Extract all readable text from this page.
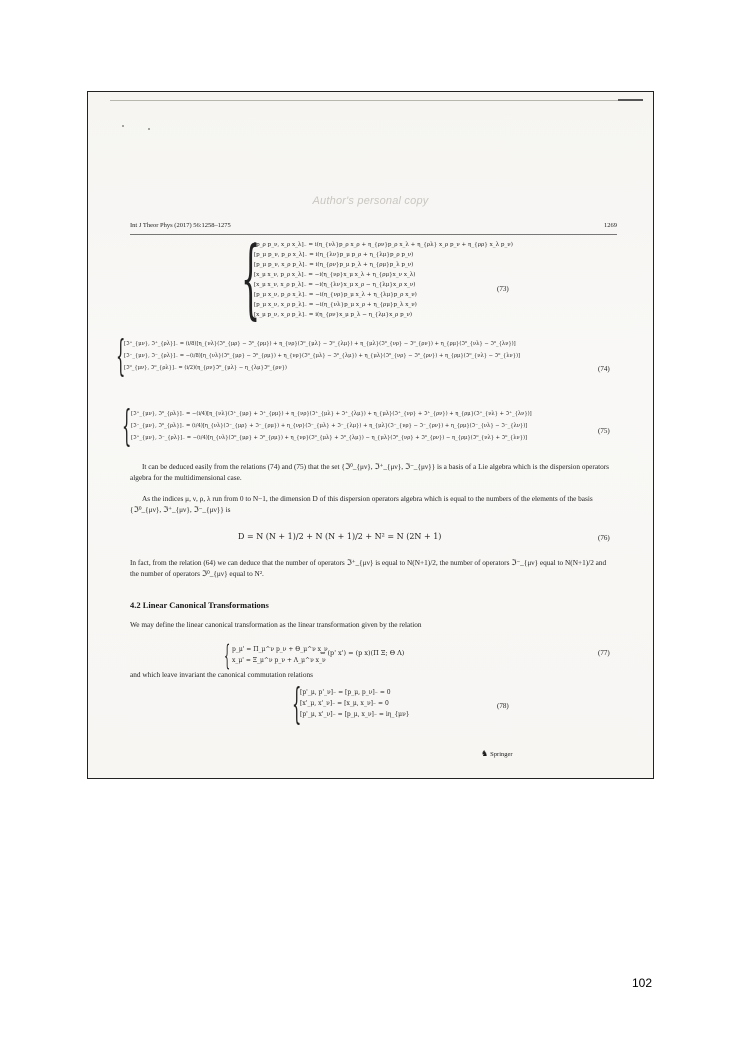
Author's personal copy
Int J Theor Phys (2017) 56:1258–1275	1269
{
[p_ρ p_ν, x_ρ x_λ]₋ = i(η_{νλ}p_ρ x_ρ + η_{ρν}p_ρ x_λ + η_{ρλ} x_ρ p_ν + η_{ρρ} x_λ p_ν)
[p_μ p_ν, p_ρ x_λ]₋ = i(η_{λν}p_μ p_ρ + η_{λμ}p_ρ p_ν)
[p_μ p_ν, x_ρ p_λ]₋ = i(η_{ρν}p_μ p_λ + η_{ρμ}p_λ p_ν)
[x_μ x_ν, p_ρ x_λ]₋ = −i(η_{νρ}x_μ x_λ + η_{ρμ}x_ν x_λ)
[x_μ x_ν, x_ρ p_λ]₋ = −i(η_{λν}x_μ x_ρ − η_{λμ}x_ρ x_ν)
[p_μ x_ν, p_ρ x_λ]₋ = −i(η_{νρ}p_μ x_λ + η_{λμ}p_ρ x_ν)
[p_μ x_ν, x_ρ p_λ]₋ = −i(η_{νλ}p_μ x_ρ + η_{ρμ}p_λ x_ν)
[x_μ p_ν, x_ρ p_λ]₋ = i(η_{ρν}x_μ p_λ − η_{λμ}x_ρ p_ν)
(73)
{
[ℑ⁺_{μν}, ℑ⁺_{ρλ}]₋ = (i/8)[η_{νλ}(ℑ⁰_{μρ} − ℑ⁰_{ρμ}) + η_{νρ}(ℑ⁰_{μλ} − ℑ⁰_{λμ}) + η_{μλ}(ℑ⁰_{νρ} − ℑ⁰_{ρν}) + η_{ρμ}(ℑ⁰_{νλ} − ℑ⁰_{λν})]
[ℑ⁻_{μν}, ℑ⁻_{ρλ}]₋ = −(i/8)[η_{νλ}(ℑ⁰_{μρ} − ℑ⁰_{ρμ}) + η_{νρ}(ℑ⁰_{μλ} − ℑ⁰_{λμ}) + η_{μλ}(ℑ⁰_{νρ} − ℑ⁰_{ρν}) + η_{ρμ}(ℑ⁰_{νλ} − ℑ⁰_{λν})]
[ℑ⁰_{μν}, ℑ⁰_{ρλ}]₋ = (i/2)(η_{ρν}ℑ⁰_{μλ} − η_{λμ}ℑ⁰_{ρν})	(74)
{ [ℑ⁺_{μν}, ℑ⁰_{ρλ}]₋ = −(i/4)[η_{νλ}(ℑ⁺_{μρ} + ℑ⁺_{ρμ}) + η_{νρ}(ℑ⁺_{μλ} + ℑ⁺_{λμ}) + η_{μλ}(ℑ⁺_{νρ} + ℑ⁺_{ρν}) + η_{ρμ}(ℑ⁺_{νλ} + ℑ⁺_{λν})]
[ℑ⁻_{μν}, ℑ⁰_{ρλ}]₋ = (i/4)[η_{νλ}(ℑ⁻_{μρ} + ℑ⁻_{ρμ}) + η_{νρ}(ℑ⁻_{μλ} + ℑ⁻_{λμ}) + η_{μλ}(ℑ⁻_{νρ} − ℑ⁻_{ρν}) + η_{ρμ}(ℑ⁻_{νλ} − ℑ⁻_{λν})]
[ℑ⁺_{μν}, ℑ⁻_{ρλ}]₋ = −(i/4)[η_{νλ}(ℑ⁰_{μρ} + ℑ⁰_{ρμ}) + η_{νρ}(ℑ⁰_{μλ} + ℑ⁰_{λμ}) − η_{μλ}(ℑ⁰_{νρ} + ℑ⁰_{ρν}) − η_{ρμ}(ℑ⁰_{νλ} + ℑ⁰_{λν})]
(75)
It can be deduced easily from the relations (74) and (75) that the set {ℑ⁰_{μν}, ℑ⁺_{μν}, ℑ⁻_{μν}} is a basis of a Lie algebra which is the dispersion operators algebra for the multidimensional case.
As the indices μ, ν, ρ, λ run from 0 to N−1, the dimension D of this dispersion operators algebra which is equal to the numbers of the elements of the basis {ℑ⁰_{μν}, ℑ⁺_{μν}, ℑ⁻_{μν}} is
D = N (N + 1)/2 + N (N + 1)/2 + N² = N (2N + 1)	(76)
In fact, from the relation (64) we can deduce that the number of operators ℑ⁺_{μν} is equal to N(N+1)/2, the number of operators ℑ⁻_{μν} equal to N(N+1)/2 and the number of operators ℑ⁰_{μν} equal to N².
4.2 Linear Canonical Transformations
We may define the linear canonical transformation as the linear transformation given by the relation
{ p_μ' = Π_μ^ν p_ν + Θ_μ^ν x_ν
x_μ' = Ξ_μ^ν p_ν + Λ_μ^ν x_ν
⇔ (p' x') = (p x)(Π Ξ; Θ Λ)	(77)
and which leave invariant the canonical commutation relations
{
[p'_μ, p'_ν]₋ = [p_μ, p_ν]₋ = 0
[x'_μ, x'_ν]₋ = [x_μ, x_ν]₋ = 0
[p'_μ, x'_ν]₋ = [p_μ, x_ν]₋ = iη_{μν}
(78)
♞ Springer
102
